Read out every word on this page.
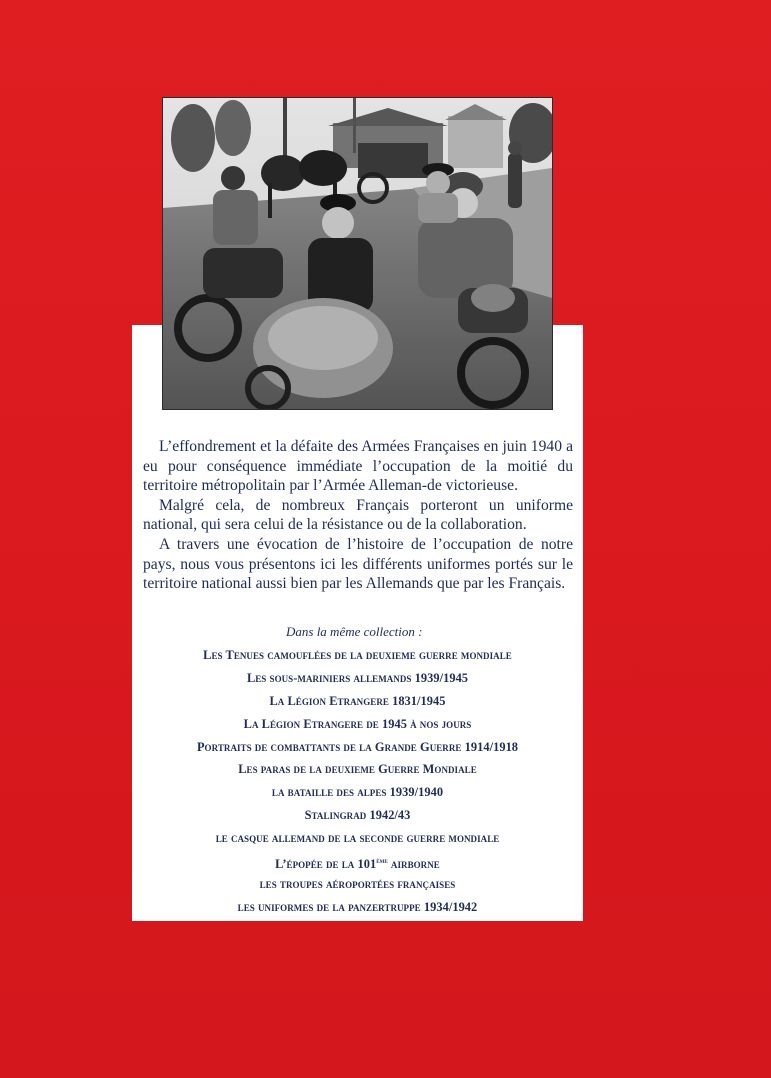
L’effondrement et la défaite des Armées Françaises en juin 1940 a eu pour conséquence immédiate l’occupation de la moitié du territoire métropolitain par l’Armée Alleman-de victorieuse.

Malgré cela, de nombreux Français porteront un uniforme national, qui sera celui de la résistance ou de la collaboration.

A travers une évocation de l’histoire de l’occupation de notre pays, nous vous présentons ici les différents uniformes portés sur le territoire national aussi bien par les Allemands que par les Français.

Dans la même collection :
Les Tenues camouflées de la deuxieme guerre mondiale
Les sous-mariniers allemands 1939/1945
La Légion Etrangere 1831/1945
La Légion Etrangere de 1945 à nos jours
Portraits de combattants de la Grande Guerre 1914/1918
Les paras de la deuxieme Guerre Mondiale
la bataille des alpes 1939/1940
Stalingrad 1942/43
le casque allemand de la seconde guerre mondiale
L’épopée de la 101ème airborne
les troupes aéroportées françaises
les uniformes de la panzertruppe 1934/1942
